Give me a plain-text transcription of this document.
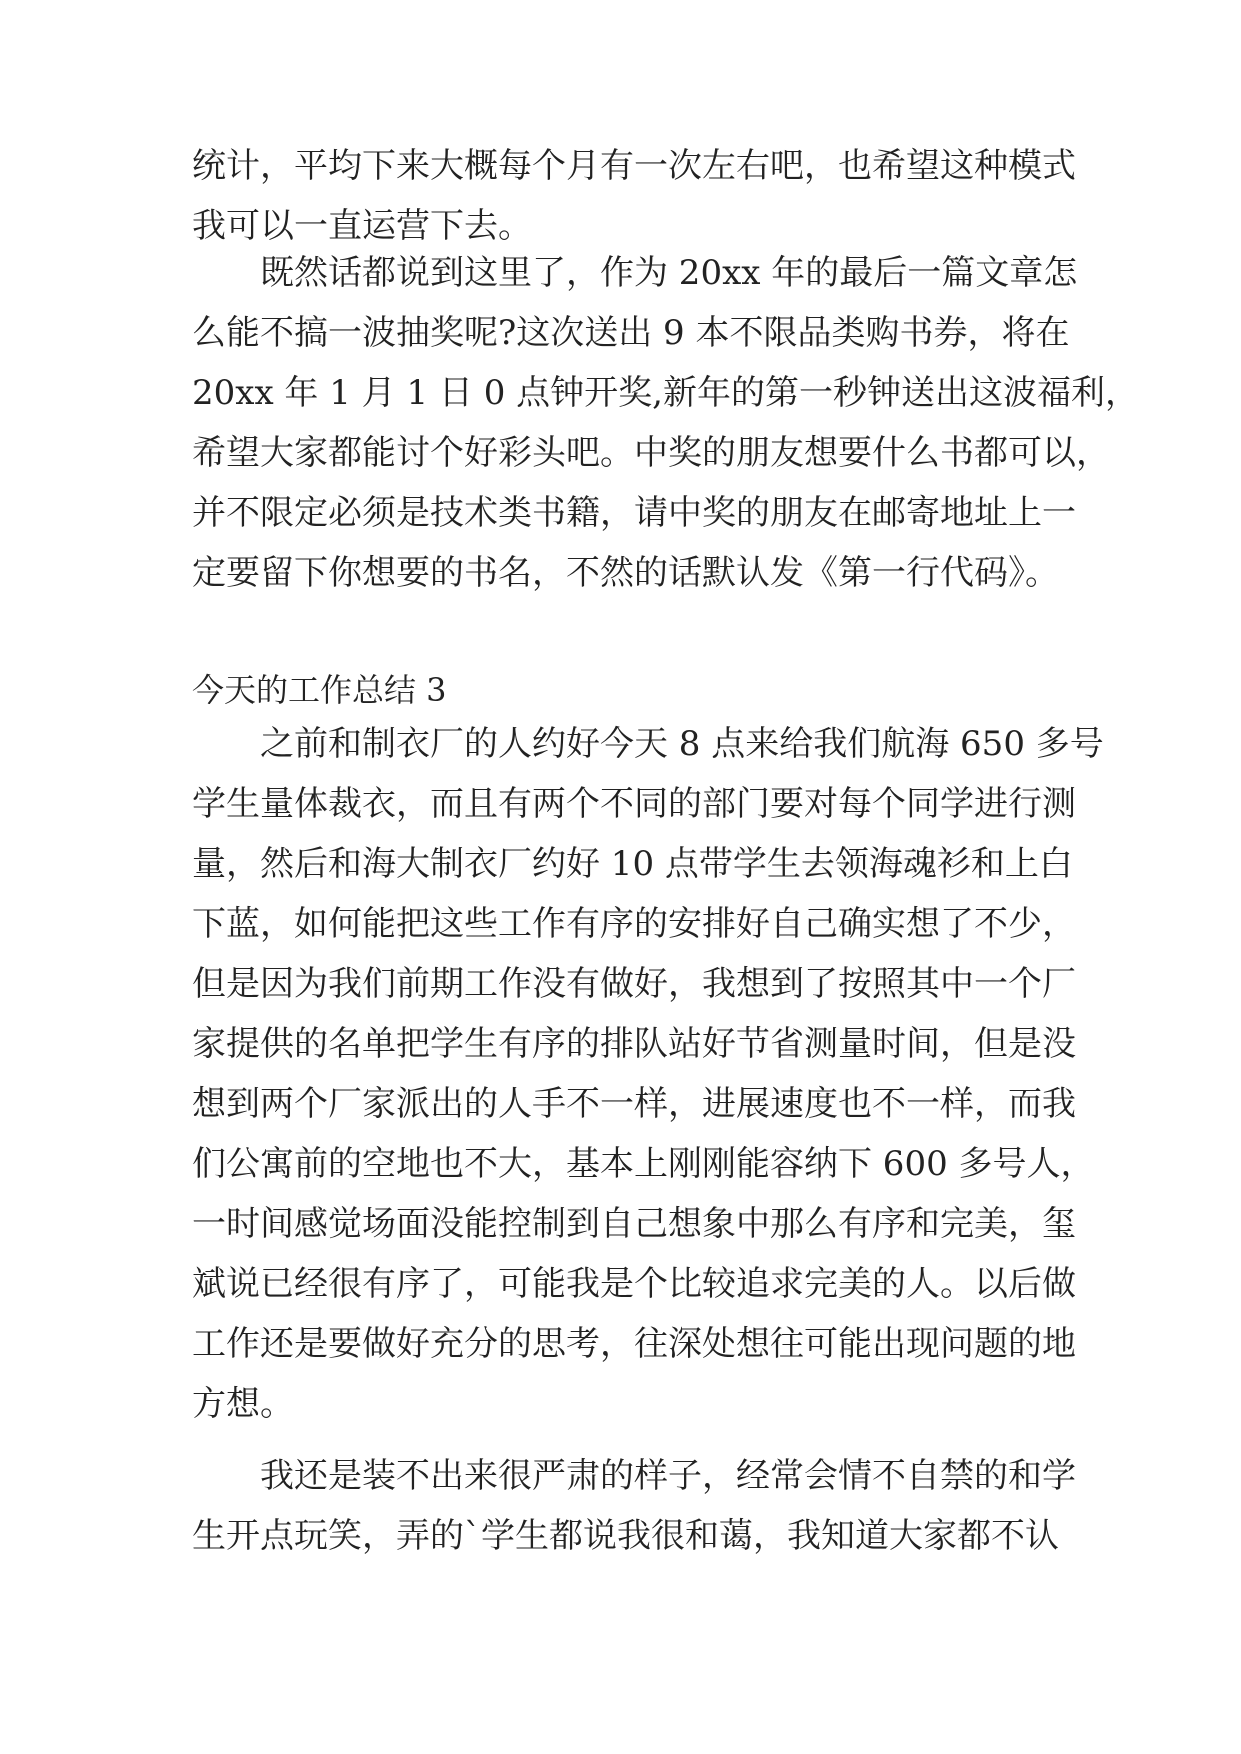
统计，平均下来大概每个月有一次左右吧，也希望这种模式
我可以一直运营下去。
既然话都说到这里了，作为 20xx 年的最后一篇文章怎
么能不搞一波抽奖呢?这次送出 9 本不限品类购书券，将在
20xx 年 1 月 1 日 0 点钟开奖,新年的第一秒钟送出这波福利，
希望大家都能讨个好彩头吧。中奖的朋友想要什么书都可以，
并不限定必须是技术类书籍，请中奖的朋友在邮寄地址上一
定要留下你想要的书名，不然的话默认发《第一行代码》。
今天的工作总结 3
之前和制衣厂的人约好今天 8 点来给我们航海 650 多号
学生量体裁衣，而且有两个不同的部门要对每个同学进行测
量，然后和海大制衣厂约好 10 点带学生去领海魂衫和上白
下蓝，如何能把这些工作有序的安排好自己确实想了不少，
但是因为我们前期工作没有做好，我想到了按照其中一个厂
家提供的名单把学生有序的排队站好节省测量时间，但是没
想到两个厂家派出的人手不一样，进展速度也不一样，而我
们公寓前的空地也不大，基本上刚刚能容纳下 600 多号人，
一时间感觉场面没能控制到自己想象中那么有序和完美，玺
斌说已经很有序了，可能我是个比较追求完美的人。以后做
工作还是要做好充分的思考，往深处想往可能出现问题的地
方想。
我还是装不出来很严肃的样子，经常会情不自禁的和学
生开点玩笑，弄的`学生都说我很和蔼，我知道大家都不认
